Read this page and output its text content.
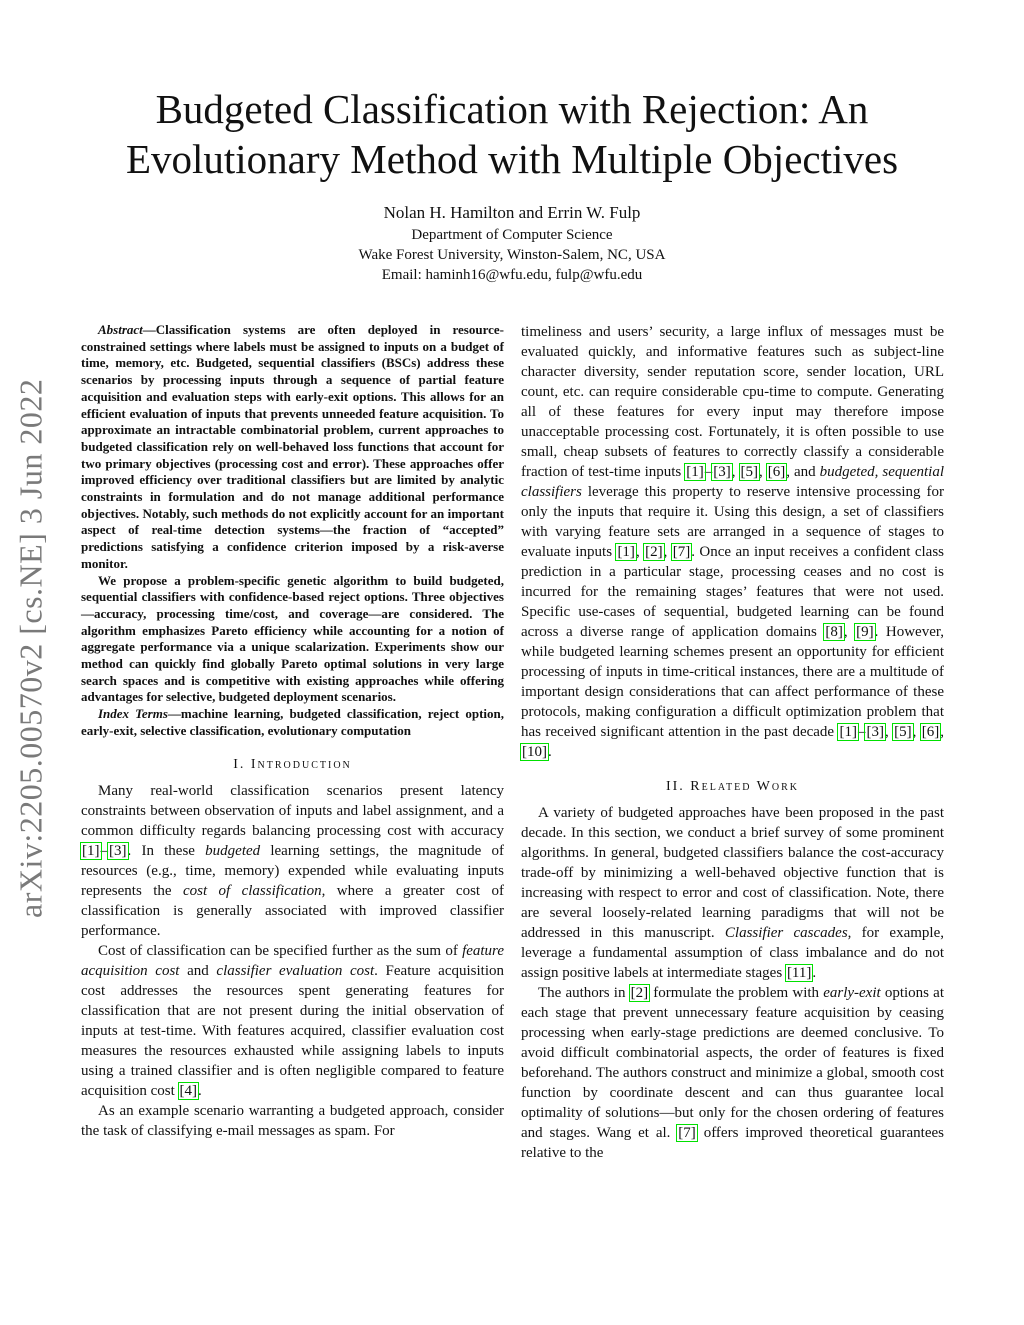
arXiv:2205.00570v2 [cs.NE] 3 Jun 2022
Budgeted Classification with Rejection: An
Evolutionary Method with Multiple Objectives
Nolan H. Hamilton and Errin W. Fulp
Department of Computer Science
Wake Forest University, Winston-Salem, NC, USA
Email: haminh16@wfu.edu, fulp@wfu.edu

Abstract—Classification systems are often deployed in resource-constrained settings where labels must be assigned to inputs on a budget of time, memory, etc. Budgeted, sequential classifiers (BSCs) address these scenarios by processing inputs through a sequence of partial feature acquisition and evaluation steps with early-exit options. This allows for an efficient evaluation of inputs that prevents unneeded feature acquisition. To approximate an intractable combinatorial problem, current approaches to budgeted classification rely on well-behaved loss functions that account for two primary objectives (processing cost and error). These approaches offer improved efficiency over traditional classifiers but are limited by analytic constraints in formulation and do not manage additional performance objectives. Notably, such methods do not explicitly account for an important aspect of real-time detection systems—the fraction of “accepted” predictions satisfying a confidence criterion imposed by a risk-averse monitor.

We propose a problem-specific genetic algorithm to build budgeted, sequential classifiers with confidence-based reject options. Three objectives—accuracy, processing time/cost, and coverage—are considered. The algorithm emphasizes Pareto efficiency while accounting for a notion of aggregate performance via a unique scalarization. Experiments show our method can quickly find globally Pareto optimal solutions in very large search spaces and is competitive with existing approaches while offering advantages for selective, budgeted deployment scenarios.

Index Terms—machine learning, budgeted classification, reject option, early-exit, selective classification, evolutionary computation

I. Introduction

Many real-world classification scenarios present latency constraints between observation of inputs and label assignment, and a common difficulty regards balancing processing cost with accuracy [1]–[3]. In these budgeted learning settings, the magnitude of resources (e.g., time, memory) expended while evaluating inputs represents the cost of classification, where a greater cost of classification is generally associated with improved classifier performance.

Cost of classification can be specified further as the sum of feature acquisition cost and classifier evaluation cost. Feature acquisition cost addresses the resources spent generating features for classification that are not present during the initial observation of inputs at test-time. With features acquired, classifier evaluation cost measures the resources exhausted while assigning labels to inputs using a trained classifier and is often negligible compared to feature acquisition cost [4].

As an example scenario warranting a budgeted approach, consider the task of classifying e-mail messages as spam. For

timeliness and users’ security, a large influx of messages must be evaluated quickly, and informative features such as subject-line character diversity, sender reputation score, sender location, URL count, etc. can require considerable cpu-time to compute. Generating all of these features for every input may therefore impose unacceptable processing cost. Fortunately, it is often possible to use small, cheap subsets of features to correctly classify a considerable fraction of test-time inputs [1]–[3], [5], [6], and budgeted, sequential classifiers leverage this property to reserve intensive processing for only the inputs that require it. Using this design, a set of classifiers with varying feature sets are arranged in a sequence of stages to evaluate inputs [1], [2], [7]. Once an input receives a confident class prediction in a particular stage, processing ceases and no cost is incurred for the remaining stages’ features that were not used. Specific use-cases of sequential, budgeted learning can be found across a diverse range of application domains [8], [9]. However, while budgeted learning schemes present an opportunity for efficient processing of inputs in time-critical instances, there are a multitude of important design considerations that can affect performance of these protocols, making configuration a difficult optimization problem that has received significant attention in the past decade [1]–[3], [5], [6], [10].

II. Related Work

A variety of budgeted approaches have been proposed in the past decade. In this section, we conduct a brief survey of some prominent algorithms. In general, budgeted classifiers balance the cost-accuracy trade-off by minimizing a well-behaved objective function that is increasing with respect to error and cost of classification. Note, there are several loosely-related learning paradigms that will not be addressed in this manuscript. Classifier cascades, for example, leverage a fundamental assumption of class imbalance and do not assign positive labels at intermediate stages [11].

The authors in [2] formulate the problem with early-exit options at each stage that prevent unnecessary feature acquisition by ceasing processing when early-stage predictions are deemed conclusive. To avoid difficult combinatorial aspects, the order of features is fixed beforehand. The authors construct and minimize a global, smooth cost function by coordinate descent and can thus guarantee local optimality of solutions—but only for the chosen ordering of features and stages. Wang et al. [7] offers improved theoretical guarantees relative to the
